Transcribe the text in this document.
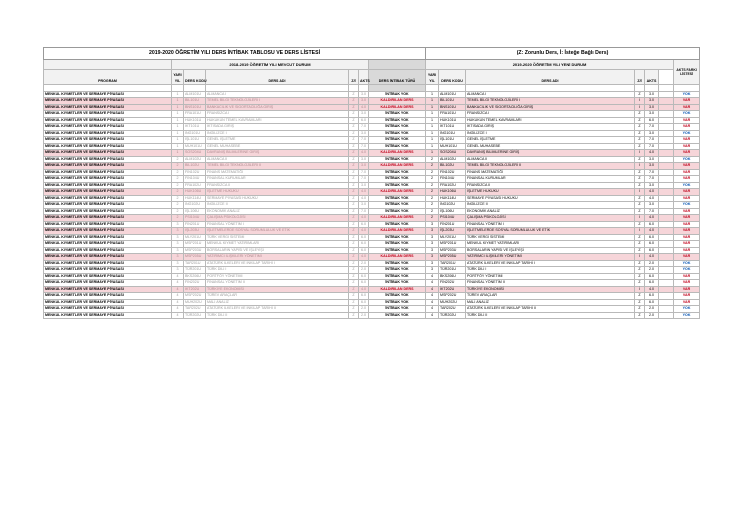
2019-2020 ÖĞRETİM YILI DERS İNTİBAK TABLOSU VE DERS LİSTESİ							(Z: Zorunlu Ders, İ: İsteğe Bağlı Ders)						
	2018-2019 ÖĞRETİM YILI MEVCUT DURUM						2019-2020 ÖĞRETİM YILI YENİ DURUM						AKTS FARKI LİSTESİ
PROGRAM	YARI YIL	DERS KODU	DERS ADI	Z/İ	AKTS	DERS İNTİBAK TÜRÜ	YARI YIL	DERS KODU	DERS ADI	Z/İ	AKTS		

MENKUL KIYMETLER VE SERMAYE PİYASASI	1	ALM101U	ALMANCA I	Z	3.0	İNTİBAK YOK	1	ALM101U	ALMANCA I	Z	3.0		YOK
MENKUL KIYMETLER VE SERMAYE PİYASASI	1	BİL101U	TEMEL BİLGİ TEKNOLOJİLERİ I	Z	3.0	KALDIRILAN DERS	1	BİL101U	TEMEL BİLGİ TEKNOLOJİLERİ I	İ	3.0		VAR
MENKUL KIYMETLER VE SERMAYE PİYASASI	1	BNS101U	BANKACILIK VE SİGORTACILIĞA GİRİŞ	Z	4.0	KALDIRILAN DERS	1	BNS101U	BANKACILIK VE SİGORTACILIĞA GİRİŞ	İ	3.0		VAR
MENKUL KIYMETLER VE SERMAYE PİYASASI	1	FRA101U	FRANSIZCA I	Z	3.0	İNTİBAK YOK	1	FRA101U	FRANSIZCA I	Z	3.0		YOK
MENKUL KIYMETLER VE SERMAYE PİYASASI	1	HUK101U	HUKUKUN TEMEL KAVRAMLARI	Z	6.0	İNTİBAK YOK	1	HUK101U	HUKUKUN TEMEL KAVRAMLARI	Z	6.0		VAR
MENKUL KIYMETLER VE SERMAYE PİYASASI	1	İKT101U	İKTİSADA GİRİŞ	Z	7.0	İNTİBAK YOK	1	İKT101U	İKTİSADA GİRİŞ	Z	7.0		VAR
MENKUL KIYMETLER VE SERMAYE PİYASASI	1	İNG101U	İNGİLİZCE I	Z	3.0	İNTİBAK YOK	1	İNG101U	İNGİLİZCE I	Z	3.0		YOK
MENKUL KIYMETLER VE SERMAYE PİYASASI	1	İŞL101U	GENEL İŞLETME	Z	7.0	İNTİBAK YOK	1	İŞL101U	GENEL İŞLETME	Z	7.0		VAR
MENKUL KIYMETLER VE SERMAYE PİYASASI	1	MUH101U	GENEL MUHASEBE	Z	7.0	İNTİBAK YOK	1	MUH101U	GENEL MUHASEBE	Z	7.0		VAR
MENKUL KIYMETLER VE SERMAYE PİYASASI	1	SOS204U	DAVRANIŞ BİLİMLERİNE GİRİŞ	Z	4.0	KALDIRILAN DERS	1	SOS204U	DAVRANIŞ BİLİMLERİNE GİRİŞ	İ	4.0		VAR
MENKUL KIYMETLER VE SERMAYE PİYASASI	2	ALM102U	ALMANCA II	Z	3.0	İNTİBAK YOK	2	ALM102U	ALMANCA II	Z	3.0		YOK
MENKUL KIYMETLER VE SERMAYE PİYASASI	2	BİL102U	TEMEL BİLGİ TEKNOLOJİLERİ II	Z	3.0	KALDIRILAN DERS	2	BİL102U	TEMEL BİLGİ TEKNOLOJİLERİ II	İ	3.0		VAR
MENKUL KIYMETLER VE SERMAYE PİYASASI	2	FİN102U	FİNANS MATEMATİĞİ	Z	7.0	İNTİBAK YOK	2	FİN102U	FİNANS MATEMATİĞİ	Z	7.0		VAR
MENKUL KIYMETLER VE SERMAYE PİYASASI	2	FİN104U	FİNANSAL KURUMLAR	Z	7.0	İNTİBAK YOK	2	FİN104U	FİNANSAL KURUMLAR	Z	7.0		VAR
MENKUL KIYMETLER VE SERMAYE PİYASASI	2	FRA102U	FRANSIZCA II	Z	3.0	İNTİBAK YOK	2	FRA102U	FRANSIZCA II	Z	3.0		YOK
MENKUL KIYMETLER VE SERMAYE PİYASASI	2	HUK106U	İŞLETME HUKUKU	Z	4.0	KALDIRILAN DERS	2	HUK106U	İŞLETME HUKUKU	İ	4.0		VAR
MENKUL KIYMETLER VE SERMAYE PİYASASI	2	HUK114U	SERMAYE PİYASASI HUKUKU	Z	4.0	İNTİBAK YOK	2	HUK114U	SERMAYE PİYASASI HUKUKU	Z	4.0		VAR
MENKUL KIYMETLER VE SERMAYE PİYASASI	2	İNG102U	İNGİLİZCE II	Z	3.0	İNTİBAK YOK	2	İNG102U	İNGİLİZCE II	Z	3.0		YOK
MENKUL KIYMETLER VE SERMAYE PİYASASI	2	İŞL106U	EKONOMİK ANALİZ	Z	7.0	İNTİBAK YOK	2	İŞL106U	EKONOMİK ANALİZ	Z	7.0		VAR
MENKUL KIYMETLER VE SERMAYE PİYASASI	2	PSİ104U	ÇALIŞMA PSİKOLOJİSİ	Z	4.0	KALDIRILAN DERS	2	PSİ104U	ÇALIŞMA PSİKOLOJİSİ	İ	4.0		VAR
MENKUL KIYMETLER VE SERMAYE PİYASASI	3	FİN201U	FİNANSAL YÖNETİM I	Z	6.0	İNTİBAK YOK	3	FİN201U	FİNANSAL YÖNETİM I	Z	6.0		VAR
MENKUL KIYMETLER VE SERMAYE PİYASASI	3	İŞL203U	İŞLETMELERDE SOSYAL SORUMLULUK VE ETİK	Z	4.0	KALDIRILAN DERS	3	İŞL203U	İŞLETMELERDE SOSYAL SORUMLULUK VE ETİK	İ	4.0		VAR
MENKUL KIYMETLER VE SERMAYE PİYASASI	3	MLY201U	TÜRK VERGİ SİSTEMİ	Z	6.0	İNTİBAK YOK	3	MLY201U	TÜRK VERGİ SİSTEMİ	Z	6.0		VAR
MENKUL KIYMETLER VE SERMAYE PİYASASI	3	MSP201U	MENKUL KIYMET YATIRIMLARI	Z	6.0	İNTİBAK YOK	3	MSP201U	MENKUL KIYMET YATIRIMLARI	Z	6.0		VAR
MENKUL KIYMETLER VE SERMAYE PİYASASI	3	MSP203U	BORSALARIN YAPISI VE İŞLEYİŞİ	Z	6.0	İNTİBAK YOK	3	MSP203U	BORSALARIN YAPISI VE İŞLEYİŞİ	Z	6.0		VAR
MENKUL KIYMETLER VE SERMAYE PİYASASI	3	MSP205U	YATIRIMCI İLİŞKİLERİ YÖNETİMİ	Z	4.0	KALDIRILAN DERS	3	MSP205U	YATIRIMCI İLİŞKİLERİ YÖNETİMİ	İ	4.0		VAR
MENKUL KIYMETLER VE SERMAYE PİYASASI	3	TAR201U	ATATÜRK İLKELERİ VE İNKILAP TARİHİ I	Z	2.0	İNTİBAK YOK	3	TAR201U	ATATÜRK İLKELERİ VE İNKILAP TARİHİ I	Z	2.0		YOK
MENKUL KIYMETLER VE SERMAYE PİYASASI	3	TÜR201U	TÜRK DİLİ I	Z	2.0	İNTİBAK YOK	3	TÜR201U	TÜRK DİLİ I	Z	2.0		YOK
MENKUL KIYMETLER VE SERMAYE PİYASASI	4	BKS206U	PORTFÖY YÖNETİMİ	Z	6.0	İNTİBAK YOK	4	BKS206U	PORTFÖY YÖNETİMİ	Z	6.0		VAR
MENKUL KIYMETLER VE SERMAYE PİYASASI	4	FİN202U	FİNANSAL YÖNETİM II	Z	6.0	İNTİBAK YOK	4	FİN202U	FİNANSAL YÖNETİM II	Z	6.0		VAR
MENKUL KIYMETLER VE SERMAYE PİYASASI	4	İKT202U	TÜRKİYE EKONOMİSİ	Z	4.0	KALDIRILAN DERS	4	İKT202U	TÜRKİYE EKONOMİSİ	İ	4.0		VAR
MENKUL KIYMETLER VE SERMAYE PİYASASI	4	MSP202U	TÜREV ARAÇLAR	Z	6.0	İNTİBAK YOK	4	MSP202U	TÜREV ARAÇLAR	Z	6.0		VAR
MENKUL KIYMETLER VE SERMAYE PİYASASI	4	MUH202U	MALİ ANALİZ	Z	6.0	İNTİBAK YOK	4	MUH202U	MALİ ANALİZ	Z	6.0		VAR
MENKUL KIYMETLER VE SERMAYE PİYASASI	4	TAR202U	ATATÜRK İLKELERİ VE İNKILAP TARİHİ II	Z	2.0	İNTİBAK YOK	4	TAR202U	ATATÜRK İLKELERİ VE İNKILAP TARİHİ II	Z	2.0		YOK
MENKUL KIYMETLER VE SERMAYE PİYASASI	4	TÜR202U	TÜRK DİLİ II	Z	2.0	İNTİBAK YOK	4	TÜR202U	TÜRK DİLİ II	Z	2.0		YOK
